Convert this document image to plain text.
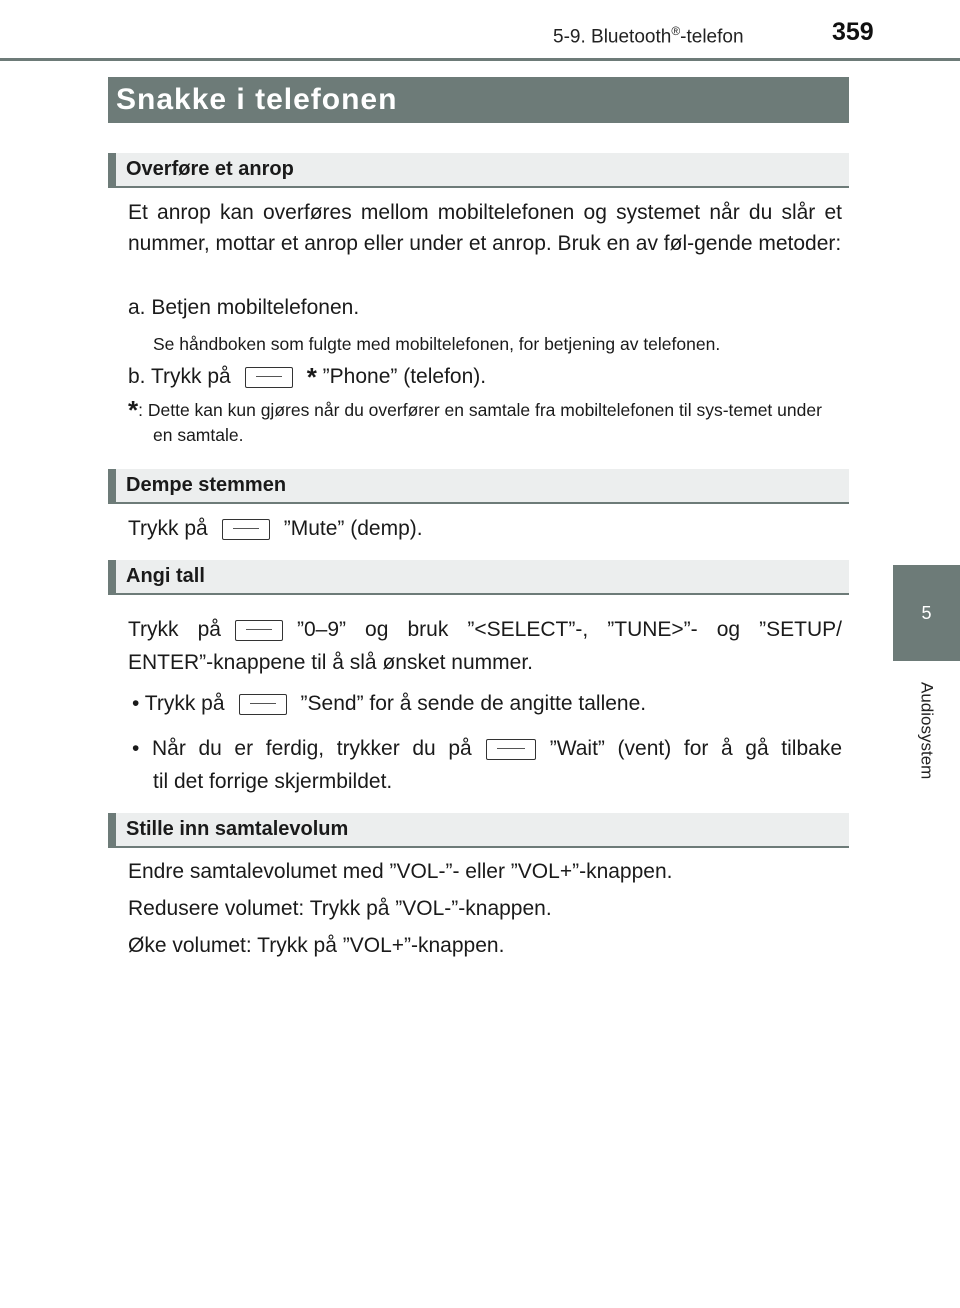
5-9. Bluetooth®-telefon	359
5
Audiosystem
Snakke i telefonen
Overføre et anrop
Et anrop kan overføres mellom mobiltelefonen og systemet når du slår et nummer, mottar et anrop eller under et anrop. Bruk en av føl-gende metoder:
a. Betjen mobiltelefonen.
Se håndboken som fulgte med mobiltelefonen, for betjening av telefonen.
b. Trykk på	* ”Phone” (telefon).
*: Dette kan kun gjøres når du overfører en samtale fra mobiltelefonen til sys-temet under en samtale.
Dempe stemmen
Trykk på	”Mute” (demp).
Angi tall
Trykk på	”0–9” og bruk ”<SELECT”-, ”TUNE>”- og ”SETUP/
ENTER”-knappene til å slå ønsket nummer.
• Trykk på	”Send” for å sende de angitte tallene.
• Når du er ferdig, trykker du på	”Wait” (vent) for å gå tilbake
til det forrige skjermbildet.
Stille inn samtalevolum
Endre samtalevolumet med ”VOL-”- eller ”VOL+”-knappen.
Redusere volumet: Trykk på ”VOL-”-knappen.
Øke volumet: Trykk på ”VOL+”-knappen.
